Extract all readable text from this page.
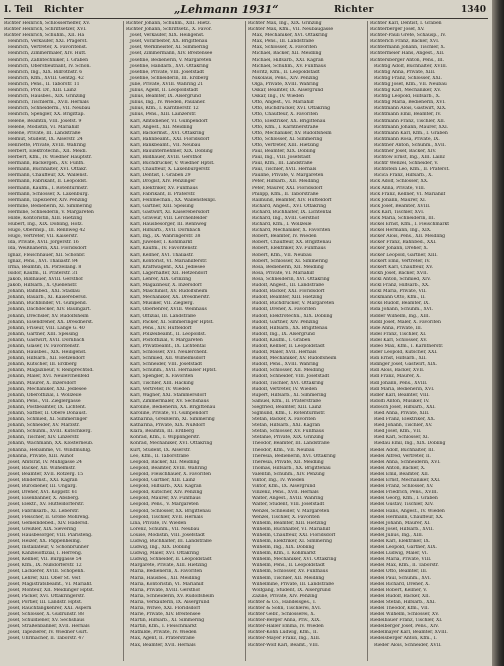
I. Teil Richter	„Lehmann 1931“	Richter	1340
Richter Heinrich, Schlosserhelfer, XV.
Richter Heinrich, Schriftsetzer, XVI.
Richter Heinrich, Schuhm., XII. Ha
Heinrich, Verkäufer, XXI. Pragerst.
Heinrich, Vertreter, X. Favoritenst.
Heinrich, Zimmermaler, XIV. Hütt.
Heinrich, Zahntechniker, I. Graben
Heinrich, Oberstleutnant, IV. Schön.
Heinrich, Ing., XIX. Billrothstr. 6
Heinrich, Kfm., XVIII. Gentzg. 42
Heinrich, Pens., II. Taborstr. 11
Heinrich, Prof. Dr., XIII. Lainz
Heinrich, Hausbes., XIX. Grinzing
Heinrich, Tischlerm., XVII. Hernals
Heinrich, Schneiderm., VII. Neubau
Heinrich, Spengler, XX. Brigittap.
Helene, Beamtin, VIII. Josefst. 9
Helene, Modistin, VI. Mariahilf
Helene, Private, III. Landstraße
Helmut, Student, IX. Alserstr. 24
Henriette, Private, XVIII. Währing
Herbert, Elektrotechn., XII. Meidl.
Herbert, Kfm., IV. Wiedner Hauptstr.
Hermann, Bäckergeh., XV. Fünfh.
Hermann, Buchhalter, XVI. Ottakr.
Hermann, Chauffeur, XX. Wallenst.
Hermann, Fabrikant, II. Leopoldst.
Hermann, Kaufm., I. Rotenturmstr.
Hermann, Schlosser, X. Laxenburg.
Hermann, Tapezierer, XIV. Penzing
Hermine, Bedienerin, XI. Simmering
Hermine, Schneiderin, V. Margareten
Hilde, Kontoristin, XIII. Hietzing
Hubert, Ing., XIX. Döbling, Hofz.
Hugo, Oberinsp., III. Rennweg 42
Hugo, Vertreter, VII. Kaiserstr.
Ida, Private, XVII. Jörgerstr. 16
Ida, Weißnäherin, XXI. Floridsdorf
Ignaz, Fleischhauer, XII. Schönbr.
Ignaz, Pens., XVI. Thaliastr. 84
Irma, Beamtin, IX. Porzellang. 8
Isidor, Kaufm., II. Praterstr. 31
Jakob, Bildhauer, XVIII. Gersthof
Jakob, Hilfsarb., X. Quellenstr.
Johann, Bahnbed., XXI. Stadlau
Johann, Bauarb., XI. Kaiserebersd.
Johann, Buchbinder, VI. Gumpend.
Johann, Dachdecker, XIV. Baumgart.
Johann, Drechsler, XV. Rudolfsheim
Johann, Eisendreher, XX. Dresdnerst.
Johann, Friseur, VIII. Lange G. 40
Johann, Gärtner, XIII. Speising
Johann, Gastwirt, XVII. Dornbach
Johann, Glaser, IV. Favoritenstr.
Johann, Hausbes., XIX. Heiligenst.
Johann, Hilfsarb., XII. Hetzendorf
Johann, Kutscher, III. Erdberg
Johann, Magazineur, V. Reinprechtsd.
Johann, Maler, XVI. Neulerchenfeld
Johann, Maurer, X. Inzersdorf
Johann, Mechaniker, XXI. Jedlesee
Johann, Oberoffizial, I. Wollzeile
Johann, Pens., VII. Zieglergasse
Johann, Postbeamter, IX. Lichtent.
Johann, Sattler, II. Obere Donaust.
Johann, Schmied, XI. Simmeringer
Johann, Schneider, XV. Märzstr.
Johann, Schuhm., XVIII. Kutschkerg.
Johann, Tischler, XIV. Linzerstr.
Johann, Wachmann, XX. Klosterneub.
Johanna, Hebamme, VI. Windmühlg.
Johanna, Private, XIII. Auhof
Josef, Amtsrat, IV. Mühlgasse 24
Josef, Bäcker, XII. Wilhelmstr.
Josef, Beamter, XVII. Rötzerg. 15
Josef, Bindermst., XXI. Kagran
Josef, Bürodiener, III. Ungarg.
Josef, Dreher, XVI. Koppstr. 61
Josef, Eisenbahner, X. Absberg.
Josef, Elektr., XV. Hütteldorferstr.
Josef, Fabriksarb., XI. Leberstr.
Josef, Fleischer, II. Große Mohreng.
Josef, Gemeindebed., XIV. Hadersd.
Josef, Greißler, XIX. Sievering
Josef, Hausbesorger, VIII. Piaristeng.
Josef, Heizer, XX. Pappenheimg.
Josef, Installateur, V. Schönbrunner
Josef, Kanzleioffizial, I. Herreng.
Josef, Kellner, VII. Burggasse 54
Josef, Kfm., IX. Nußdorferstr. 12
Josef, Lackierer, XVIII. Schopenh.
Josef, Lehrer, XIII. Ober St. Veit
Josef, Magistratsbeamt., VI. Mariahf.
Josef, Monteur, XII. Meidlinger Hptst.
Josef, Packer, XVI. Ottakringerstr.
Josef, Portier, III. Landstr. Hptst.
Josef, Rauchfangkehrer, XXI. Aspern
Josef, Schlosser, X. Gudrunstr. 88
Josef, Schuldiener, XV. Sechshaus
Josef, Straßenbahner, XVII. Hernals
Josef, Tapezierer, IV. Wiedner Gürt.
Josef, Uhrmacher, II. Taborstr. 47
Richter Johann, Schuhm., XIII. Hietz.
Richter Johann, Schriftsetz., X. Favor.
Josef, Verkäufer, XIX. Heiligenst.
Josef, Vorarbeiter, XX. Brigittenau
Josef, Werkmeister, XI. Simmering
Josef, Zimmermann, XIV. Breitensee
Josefine, Bedienerin, V. Margareten
Josefine, Handarb., XVI. Ottakring
Josefine, Private, VIII. Josefstadt
Josefine, Schneiderin, III. Erdberg
Julie, Private, XVIII. Währing 21
Julius, Agent, II. Leopoldstadt
Julius, Beamter, IX. Alsergrund
Julius, Ing., IV. Wieden, Paulaner.
Julius, Kfm., I. Kärntnerstr. 12
Julius, Pens., XIII. Lainzerstr.
Karl, Amtsdiener, VI. Gumpendorf
Karl, Angest., XII. Meidling
Karl, Bäckermst., XVI. Ottakring
Karl, Bahnbeamt., XXI. Floridsdorf
Karl, Bankbeamt., VII. Neubau
Karl, Bauunternehmer, XIX. Döbling
Karl, Bildhauer, XVIII. Gersthof
Karl, Buchdrucker, V. Wiedner Hptst.
Karl, Chauffeur, X. Laxenburgerstr.
Karl, Dentist, I. Graben 29
Karl, Drogist, XIV. Penzinger
Karl, Elektriker, XV. Fünfhaus
Karl, Fabrikant, II. Praterstr.
Karl, Feinmechan., XX. Wallensteinpl.
Karl, Gärtner, XIII. Speising
Karl, Gastwirt, XI. Kaiserebersdorf
Karl, Graveur, VIII. Lerchenfelder
Karl, Hausbesorger, III. Rennweg
Karl, Hilfsarb., XVII. Dornbach
Karl, Ing., IX. Währingerstr. 38
Karl, Juwelier, I. Kohlmarkt
Karl, Kaufm., IV. Favoritenstr.
Karl, Kellner, XVI. Thaliastr.
Karl, Kontorist, VI. Mariahilferstr.
Karl, Kraftwagenf., XXI. Jedlesee
Karl, Lagerhalter, XII. Hetzendorf
Karl, Lehrer, XIX. Grinzing
Karl, Magazineur, X. Inzersdorf
Karl, Maschinist, XV. Rudolfsheim
Karl, Mechaniker, XX. Dresdnerstr.
Karl, Musiker, VII. Zieglerg.
Karl, Oberlehrer, XVIII. Weinhaus
Karl, Offizial, III. Landstraße
Karl, Packer, XI. Simmeringer Hptst.
Karl, Pens., XIV. Hütteldorf
Karl, Polizeibeamt., II. Leopoldst.
Karl, Postoffizial, V. Margareten
Karl, Privatbeamt., IX. Lichtental
Karl, Schlosser, XVI. Neulerchenf.
Karl, Schmied, XII. Wilhelmsdorf
Karl, Schneider, VIII. Josefstadt
Karl, Schuhm., XVII. Hernalser Hptst.
Karl, Spengler, X. Favoriten
Karl, Tischler, XIII. Hacking
Karl, Vertreter, IV. Wieden
Karl, Wagner, XXI. Stammersdorf
Karl, Zimmermaler, XV. Sechshaus
Karoline, Bedienerin, XX. Brigittenau
Karoline, Private, VI. Gumpendorf
Katharina, Greißlerin, XI. Simmering
Katharina, Private, XIX. Nußdorf
Klara, Beamtin, III. Erdberg
Konrad, Kfm., I. Wipplingerstr.
Konrad, Mechaniker, XVI. Ottakring
Kurt, Student, IX. Alserstr.
Leo, Kfm., II. Taborstraße
Leopold, Bäcker, XII. Meidling
Leopold, Beamter, XVIII. Währing
Leopold, Fleischhauer, X. Favoriten
Leopold, Gärtner, XIII. Lainz
Leopold, Hilfsarb., XXI. Kagran
Leopold, Kutscher, XIV. Penzing
Leopold, Maurer, XV. Fünfhaus
Leopold, Pens., V. Margareten
Leopold, Schlosser, XX. Brigittenau
Leopold, Tischler, XVII. Hernals
Lina, Private, IV. Wieden
Lorenz, Schuhm., VII. Neubau
Louise, Modistin, VIII. Josefstadt
Ludwig, Buchhalter, III. Landstraße
Ludwig, Ing., XIX. Döbling
Ludwig, Maler, XVI. Ottakring
Ludwig, Schneider, II. Leopoldstadt
Margarete, Private, XIII. Hietzing
Maria, Bedienerin, X. Favoriten
Maria, Hausbes., XII. Meidling
Maria, Kontoristin, VI. Mariahilf
Maria, Private, XVIII. Gersthof
Maria, Schneiderin, XV. Rudolfsheim
Maria, Verkäuferin, IX. Alsergrund
Maria, Witwe, XXI. Floridsdorf
Marie, Private, XIV. Breitensee
Martin, Hilfsarb., XI. Simmering
Martin, Kfm., I. Fleischmarkt
Mathilde, Private, IV. Wieden
Max, Agent, II. Praterstraße
Max, Beamter, XVII. Hernals
Richter Max, Ing., XIX. Grinzing
Richter Max, Kfm., VII. Neubaugasse
Max, Mechaniker, XVI. Ottakring
Max, Pens., III. Landstraße
Max, Schlosser, X. Favoriten
Michael, Bäcker, XII. Meidling
Michael, Hilfsarb., XXI. Kagran
Michael, Schuhm., XV. Fünfhaus
Moritz, Kfm., II. Leopoldstadt
Nikolaus, Pens., XIV. Penzing
Olga, Private, XVIII. Währing
Oskar, Beamter, IX. Alsergrund
Oskar, Ing., IV. Wieden
Otto, Angest., VI. Mariahilf
Otto, Buchdrucker, XVI. Ottakring
Otto, Chauffeur, X. Favoriten
Otto, Elektriker, XX. Brigittenau
Otto, Kfm., I. Kärntnerstraße
Otto, Mechaniker, XV. Rudolfsheim
Otto, Schlosser, XI. Simmering
Otto, Vertreter, XIII. Hietzing
Paul, Beamter, XIX. Döbling
Paul, Ing., VIII. Josefstadt
Paul, Kfm., III. Landstraße
Paul, Tischler, XVII. Hernals
Pauline, Private, V. Margareten
Peter, Hilfsarb., XII. Meidling
Peter, Maurer, XXI. Floridsdorf
Philipp, Kfm., II. Taborstraße
Raimund, Beamter, XIV. Hütteldorf
Richard, Angest., XVI. Ottakring
Richard, Buchhalter, IX. Lichtental
Richard, Ing., XVIII. Gersthof
Richard, Kfm., I. Wollzeile
Richard, Mechaniker, X. Favoriten
Robert, Beamter, IV. Wieden
Robert, Chauffeur, XX. Brigittenau
Robert, Elektriker, XV. Fünfhaus
Robert, Kfm., VII. Neubau
Robert, Schlosser, XI. Simmering
Rosa, Bedienerin, XII. Meidling
Rosa, Private, VI. Mariahilf
Rosa, Schneiderin, XVI. Ottakring
Rudolf, Angest., III. Landstraße
Rudolf, Bäcker, XXI. Floridsdorf
Rudolf, Beamter, XIII. Hietzing
Rudolf, Buchdrucker, V. Margareten
Rudolf, Dreher, X. Favoriten
Rudolf, Elektrotechn., XIX. Döbling
Rudolf, Gärtner, XIV. Penzing
Rudolf, Hilfsarb., XX. Brigittenau
Rudolf, Ing., IX. Alsergrund
Rudolf, Kaufm., I. Graben
Rudolf, Kellner, II. Leopoldstadt
Rudolf, Maler, XVII. Hernals
Rudolf, Mechaniker, XV. Rudolfsheim
Rudolf, Pens., XVIII. Währing
Rudolf, Schlosser, XII. Meidling
Rudolf, Schneider, VIII. Josefstadt
Rudolf, Tischler, XVI. Ottakring
Rudolf, Vertreter, IV. Wieden
Rupert, Hilfsarb., XI. Simmering
Samuel, Kfm., II. Praterstraße
Siegfried, Beamter, XIII. Lainz
Sigmund, Kfm., I. Rotenturmstr.
Stefan, Bäcker, X. Favoriten
Stefan, Hilfsarb., XXI. Kagran
Stefan, Schlosser, XV. Fünfhaus
Stefanie, Private, XIX. Grinzing
Theodor, Beamter, III. Landstraße
Theodor, Kfm., VII. Neubau
Theresia, Bedienerin, XVI. Ottakring
Theresia, Private, XII. Meidling
Thomas, Hilfsarb., XX. Brigittenau
Valentin, Schuhm., XIV. Penzing
Viktor, Ing., IV. Wieden
Viktor, Kfm., IX. Alsergrund
Vinzenz, Pens., XVII. Hernals
Walter, Angest., XVIII. Währing
Walter, Student, VIII. Josefstadt
Wenzel, Schneider, V. Margareten
Wenzel, Tischler, X. Favoriten
Wilhelm, Beamter, XIII. Hietzing
Wilhelm, Buchhalter, VI. Mariahilf
Wilhelm, Chauffeur, XXI. Floridsdorf
Wilhelm, Elektriker, XI. Simmering
Wilhelm, Ing., XIX. Döbling
Wilhelm, Kfm., I. Kohlmarkt
Wilhelm, Mechaniker, XVI. Ottakring
Wilhelm, Pens., II. Leopoldstadt
Wilhelm, Schlosser, XV. Fünfhaus
Wilhelm, Tischler, XII. Meidling
Wilhelmine, Private, III. Landstraße
Wolfgang, Student, IX. Alsergrund
Zäzilie, Private, XIV. Penzing
Richter & Co., Handelsges., I.
Richter & Sohn, Tischlerei, XVI.
Richter Gebr., Schlosserei, X.
Richter-Berger Anna, Priv., XIX.
Richter-Haller Emma, IV. Wieden
Richter-Kohn Ludwig, Kfm., II.
Richter-Mayer Franz, Ing., XIII.
Richter-Wolf Karl, Beamt., VIII.
Richter Karl, Dentist, I. Graben
Richterberger Josef, XV.
Richter-Pauli Grete, Schausp., IV.
Richterich Franz, Bäcker, XVI.
Richtermann Johann, Tischler, X.
Richtermeier Hans, Angest., XII.
Richtersberger Anton, Pens., III.
Richtig Adolf, Buchhalter, XVIII.
Richtig Anna, Private, XIII.
Richtig Franz, Schlosser, XXI.
Richtig Josef, Kfm., VII. Neubau
Richtig Karl, Mechaniker, XV.
Richtig Leopold, Hilfsarb., X.
Richtig Maria, Bedienerin, XVI.
Richtmann Alois, Gastwirt, XIX.
Richtmann Emil, Beamter, IV.
Richtmann Franz, Tischler, XII.
Richtmann Johann, Maurer, XXI.
Richtmann Karl, Kfm., I. Graben
Richtmann Rosa, Private, IX.
Richtner Anton, Schuhm., XVII.
Richtner Josef, Bäcker, XIV.
Richtow Ernst, Ing., XIII. Lainz
Richtr Wenzel, Schneider, V.
Richtstein Leo, Kfm., II. Praterst.
Ricica Franz, Hilfsarb., X.
Rick Adolf, Schlosser, XX.
Rick Anna, Private, VIII.
Rick Franz, Kellner, VI. Mariahilf
Rick Johann, Maurer, XI.
Rick Josef, Beamter, XVIII.
Rick Karl, Tischler, XVI.
Rick Maria, Schneiderin, III.
Rickel Ernst, Kfm., I. Fleischmarkt
Rickel Hermann, Ing., XIX.
Ricker Alois, Pens., XII. Meidling
Ricker Franz, Bahnbed., XXI.
Ricker Johann, Dreher, X.
Ricker Leopold, Gärtner, XIII.
Rickert Emil, Vertreter, IV.
Rickert Karl, Chauffeur, XV.
Rickh Josef, Bäcker, XVII.
Rickl Anton, Schmied, XIV.
Rickl Franz, Hilfsarb., XX.
Rickl Maria, Private, VII.
Rickmann Otto, Kfm., II.
Ricks Rudolf, Beamter, IX.
Rida Johann, Schuhm., XVI.
Ridder Wilhelm, Ing., XIII.
Riddl Josef, Maler, X. Favoriten
Ride Anna, Private, III.
Ridel Franz, Tischler, XI.
Ridel Karl, Schlosser, XV.
Rideo Max, Kfm., I. Kärntnerstr.
Rider Leopold, Kutscher, XXI.
Ridi Ernst, Hilfsarb., XII.
Ridinger Josef, Gastwirt, XIX.
Ridl Alois, Bäcker, XVII.
Ridl Franz, Maurer, X.
Ridl Johann, Pens., XVIII.
Ridl Maria, Bedienerin, XVI.
Ridler Karl, Beamter, VIII.
Ridolfi Anton, Musiker, IV.
Ridosch Josef, Hilfsarb., XXI.
Ried Anna, Private, XIII.
Ried Franz, Elektriker, XX.
Ried Johann, Tischler, XV.
Ried Josef, Kfm., VII.
Ried Karl, Schlosser, XI.
Riedau Emil, Ing., XIX. Döbling
Riedel Adolf, Buchhalter, III.
Riedel Alfred, Vertreter, II.
Riedel Anna, Schneiderin, XVI.
Riedel Anton, Bäcker, X.
Riedel Emil, Beamter, XII.
Riedel Ernst, Mechaniker, XXI.
Riedel Franz, Schlosser, XV.
Riedel Friedrich, Pens., XVIII.
Riedel Georg, Kfm., I. Graben
Riedel Gustav, Tischler, XIV.
Riedel Hans, Angest., IV. Wieden
Riedel Hermann, Chauffeur, XX.
Riedel Johann, Maurer, XI.
Riedel Josef, Hilfsarb., XVII.
Riedel Julius, Ing., XIII.
Riedel Karl, Elektriker, IX.
Riedel Leopold, Gärtner, XIX.
Riedel Ludwig, Maler, VI.
Riedel Maria, Private, VIII.
Riedel Max, Kfm., II. Taborstr.
Riedel Otto, Beamter, III.
Riedel Paul, Schuhm., XVI.
Riedel Richard, Dreher, X.
Riedel Robert, Kellner, V.
Riedel Rudolf, Bäcker, XII.
Riedel Stefan, Hilfsarb., XXI.
Riedel Theodor, Kfm., VII.
Riedel Wilhelm, Schlosser, XV.
Riedelbauer Franz, Tischler, XI.
Riedelberger Josef, Pens., XIV.
Riedelmayer Karl, Beamter, XVIII.
Riedelsberger Anton, Kfm., I.
Rieder Alois, Schneider, XVII.
